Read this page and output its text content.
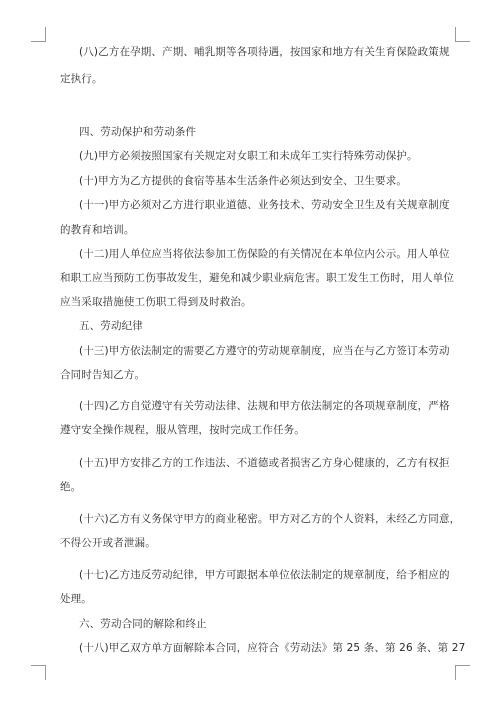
(八)乙方在孕期、产期、哺乳期等各项待遇，按国家和地方有关生育保险政策规
定执行。
四、劳动保护和劳动条件
(九)甲方必须按照国家有关规定对女职工和未成年工实行特殊劳动保护。
(十)甲方为乙方提供的食宿等基本生活条件必须达到安全、卫生要求。
(十一)甲方必须对乙方进行职业道德、业务技术、劳动安全卫生及有关规章制度
的教育和培训。
(十二)用人单位应当将依法参加工伤保险的有关情况在本单位内公示。用人单位
和职工应当预防工伤事故发生，避免和减少职业病危害。职工发生工伤时，用人单位
应当采取措施使工伤职工得到及时救治。
五、劳动纪律
(十三)甲方依法制定的需要乙方遵守的劳动规章制度，应当在与乙方签订本劳动
合同时告知乙方。
(十四)乙方自觉遵守有关劳动法律、法规和甲方依法制定的各项规章制度，严格
遵守安全操作规程，服从管理，按时完成工作任务。
(十五)甲方安排乙方的工作违法、不道德或者损害乙方身心健康的，乙方有权拒
绝。
(十六)乙方有义务保守甲方的商业秘密。甲方对乙方的个人资料，未经乙方同意，
不得公开或者泄漏。
(十七)乙方违反劳动纪律，甲方可跟据本单位依法制定的规章制度，给予相应的
处理。
六、劳动合同的解除和终止
(十八)甲乙双方单方面解除本合同，应符合《劳动法》第 25 条、第 26 条、第 27
